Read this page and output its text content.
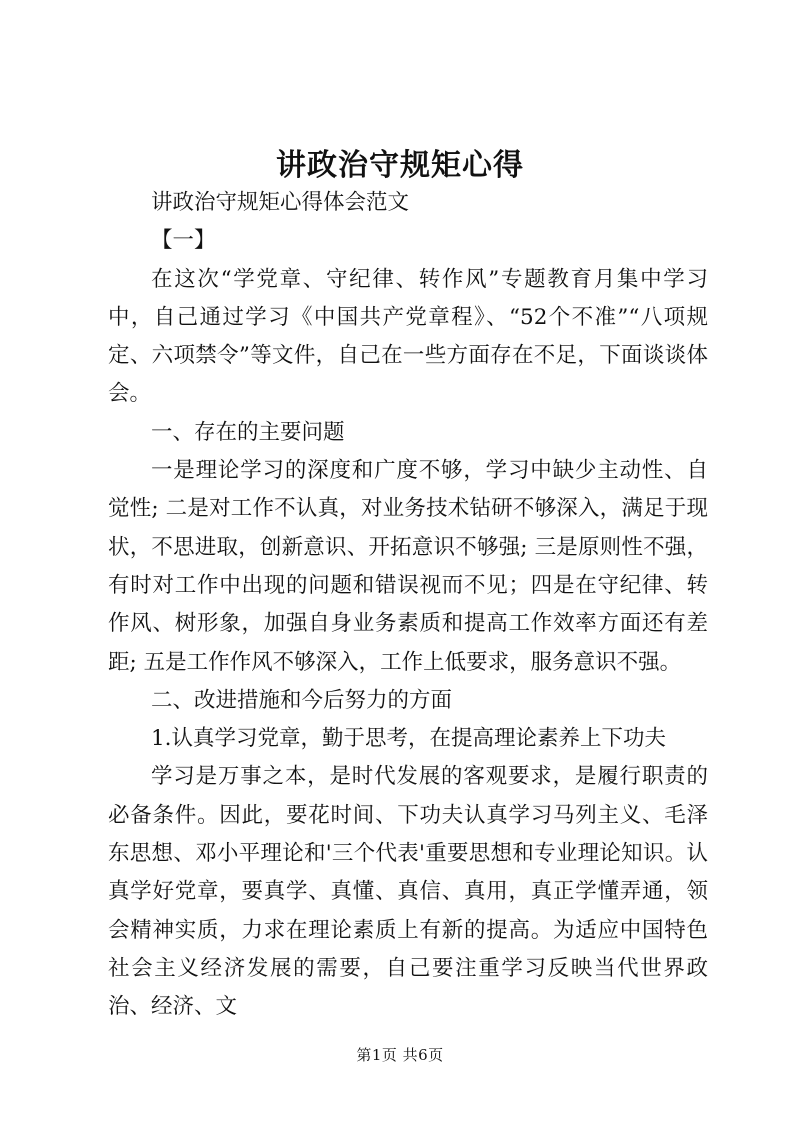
讲政治守规矩心得

讲政治守规矩心得体会范文

【一】

在这次“学党章、守纪律、转作风”专题教育月集中学习中，自己通过学习《中国共产党章程》、“52个不准”“八项规定、六项禁令”等文件，自己在一些方面存在不足，下面谈谈体会。

一、存在的主要问题

一是理论学习的深度和广度不够，学习中缺少主动性、自觉性; 二是对工作不认真，对业务技术钻研不够深入，满足于现状，不思进取，创新意识、开拓意识不够强; 三是原则性不强，有时对工作中出现的问题和错误视而不见；四是在守纪律、转作风、树形象，加强自身业务素质和提高工作效率方面还有差距; 五是工作作风不够深入，工作上低要求，服务意识不强。

二、改进措施和今后努力的方面

1.认真学习党章，勤于思考，在提高理论素养上下功夫

学习是万事之本，是时代发展的客观要求，是履行职责的必备条件。因此，要花时间、下功夫认真学习马列主义、毛泽东思想、邓小平理论和'三个代表'重要思想和专业理论知识。认真学好党章，要真学、真懂、真信、真用，真正学懂弄通，领会精神实质，力求在理论素质上有新的提高。为适应中国特色社会主义经济发展的需要，自己要注重学习反映当代世界政治、经济、文

第1页 共6页
